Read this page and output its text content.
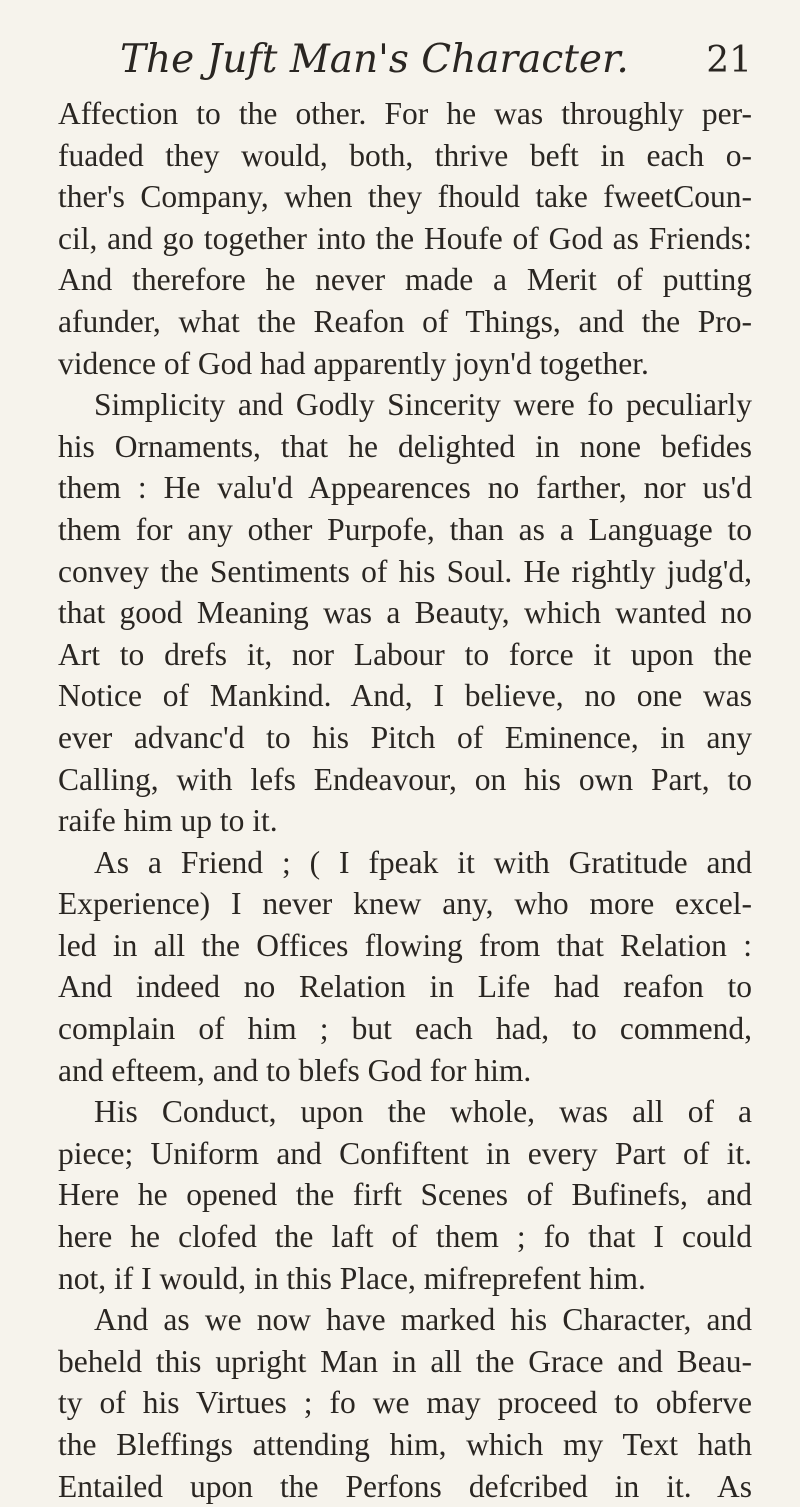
The Juft Man's Character. 21
Affection to the other. For he was throughly per-
fuaded they would, both, thrive beft in each o-
ther's Company, when they fhould take fweetCoun-
cil, and go together into the Houfe of God as Friends:
And therefore he never made a Merit of putting
afunder, what the Reafon of Things, and the Pro-
vidence of God had apparently joyn'd together.
Simplicity and Godly Sincerity were fo peculiarly
his Ornaments, that he delighted in none befides
them : He valu'd Appearences no farther, nor us'd
them for any other Purpofe, than as a Language to
convey the Sentiments of his Soul. He rightly judg'd,
that good Meaning was a Beauty, which wanted no
Art to drefs it, nor Labour to force it upon the
Notice of Mankind. And, I believe, no one was
ever advanc'd to his Pitch of Eminence, in any
Calling, with lefs Endeavour, on his own Part, to
raife him up to it.
As a Friend ; ( I fpeak it with Gratitude and
Experience) I never knew any, who more excel-
led in all the Offices flowing from that Relation :
And indeed no Relation in Life had reafon to
complain of him ; but each had, to commend,
and efteem, and to blefs God for him.
His Conduct, upon the whole, was all of a
piece; Uniform and Confiftent in every Part of it.
Here he opened the firft Scenes of Bufinefs, and
here he clofed the laft of them ; fo that I could
not, if I would, in this Place, mifreprefent him.
And as we now have marked his Character, and
beheld this upright Man in all the Grace and Beau-
ty of his Virtues ; fo we may proceed to obferve
the Bleffings attending him, which my Text hath
Entailed upon the Perfons defcribed in it. As
